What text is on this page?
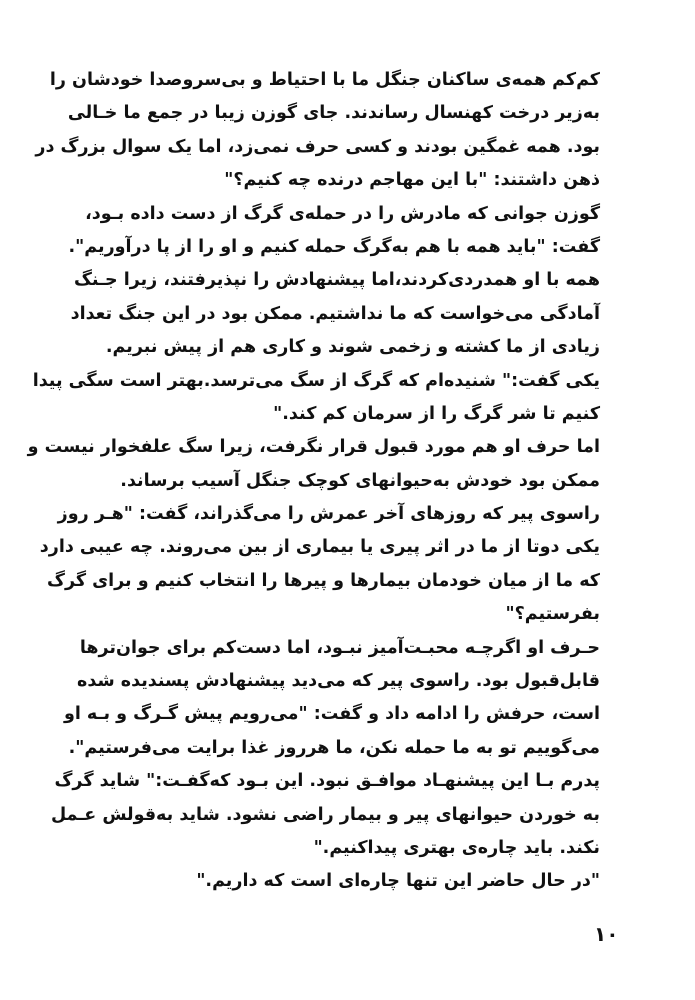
کم‌کم همه‌ی ساکنان جنگل ما با احتیاط و بی‌سروصدا خودشان را
به‌زیر درخت کهنسال رساندند. جای گوزن زیبا در جمع ما خـالی
بود. همه غمگین بودند و کسی حرف نمی‌زد، اما یک سوال بزرگ در
ذهن داشتند: "با این مهاجم درنده چه کنیم؟"
گوزن جوانی که مادرش را در حمله‌ی گرگ از دست داده بـود،
گفت: "باید همه با هم به‌گرگ حمله کنیم و او را از پا درآوریم".
همه با او همدردی‌کردند،اما پیشنهادش را نپذیرفتند، زیرا جـنگ
آمادگی می‌خواست که ما نداشتیم. ممکن بود در این جنگ تعداد
زیادی از ما کشته و زخمی شوند و کاری هم از پیش نبریم.
یکی گفت:" شنیده‌ام که گرگ از سگ می‌ترسد.بهتر است سگی پیدا
کنیم تا شر گرگ را از سرمان کم کند."
اما حرف او هم مورد قبول قرار نگرفت، زیرا سگ علفخوار نیست و
ممکن بود خودش به‌حیوانهای کوچک جنگل آسیب برساند.
راسوی پیر که روزهای آخر عمرش را می‌گذراند، گفت: "هـر روز
یکی دوتا از ما در اثر پیری یا بیماری از بین می‌روند. چه عیبی دارد
که ما از میان خودمان بیمارها و پیرها را انتخاب کنیم و برای گرگ
بفرستیم؟"
حـرف او اگرچـه محبـت‌آمیز نبـود، اما دست‌کم برای جوان‌ترها
قابل‌قبول بود. راسوی پیر که می‌دید پیشنهادش پسندیده شده
است، حرفش را ادامه داد و گفت: "می‌رویم پیش گـرگ و بـه او
می‌گوییم تو به ما حمله نکن، ما هرروز غذا برایت می‌فرستیم".
پدرم بـا این پیشنهـاد موافـق نبود. این بـود که‌گفـت:" شاید گرگ
به خوردن حیوانهای پیر و بیمار راضی نشود. شاید به‌قولش عـمل
نکند. باید چاره‌ی بهتری پیداکنیم."
"در حال حاضر این تنها چاره‌ای است که داریم."
۱۰
